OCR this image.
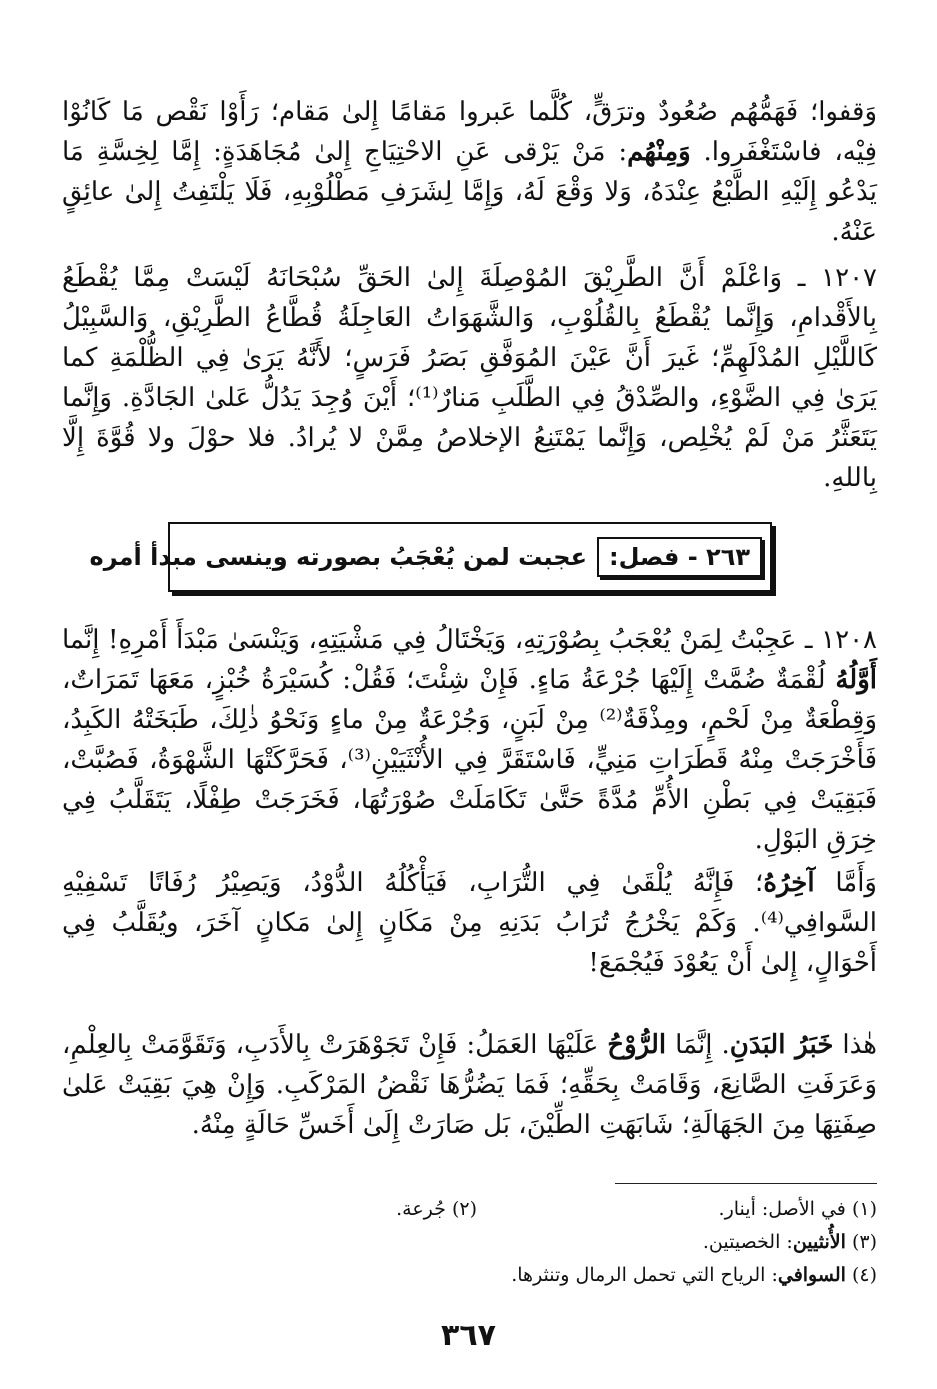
وَقفوا؛ فَهَمُّهُم صُعُودٌ وترَقٍّ، كُلَّما عَبروا مَقامًا إِلىٰ مَقام؛ رَأَوْا نَقْص مَا كَانُوْا فِيْه، فاسْتَغْفَروا. وَمِنْهُم: مَنْ يَرْقى عَنِ الاحْتِيَاجِ إِلىٰ مُجَاهَدَةٍ: إِمَّا لِخِسَّةِ مَا يَدْعُو إِلَيْهِ الطَّبْعُ عِنْدَهُ، وَلا وَقْعَ لَهُ، وَإِمَّا لِشَرَفِ مَطْلُوْبِهِ، فَلَا يَلْتَفِتُ إِلىٰ عائِقٍ عَنْهُ.

١٢٠٧ ـ وَاعْلَمْ أَنَّ الطَّرِيْقَ المُوْصِلَةَ إِلىٰ الحَقِّ سُبْحَانَهُ لَيْسَتْ مِمَّا يُقْطَعُ بِالأَقْدامِ، وَإِنَّما يُقْطَعُ بِالقُلُوْبِ، وَالشَّهَوَاتُ العَاجِلَةُ قُطَّاعُ الطَّرِيْقِ، وَالسَّبِيْلُ كَاللَّيْلِ المُدْلَهِمِّ؛ غَيرَ أَنَّ عَيْنَ المُوَفَّقِ بَصَرُ فَرَسٍ؛ لأَنَّهُ يَرَىٰ فِي الظُّلْمَةِ كما يَرَىٰ فِي الضَّوْءِ، والصِّدْقُ فِي الطَّلَبِ مَنارٌ⁽¹⁾؛ أَيْنَ وُجِدَ يَدُلُّ عَلىٰ الجَادَّةِ. وَإِنَّما يَتَعَثَّرُ مَنْ لَمْ يُخْلِص، وَإِنَّما يَمْتَنِعُ الإخلاصُ مِمَّنْ لا يُرادُ. فلا حوْلَ ولا قُوَّةَ إِلَّا بِاللهِ.

٢٦٣ - فصل:
عجبت لمن يُعْجَبُ بصورته وينسى مبدأ أمره

١٢٠٨ ـ عَجِبْتُ لِمَنْ يُعْجَبُ بِصُوْرَتِهِ، وَيَخْتَالُ فِي مَشْيَتِهِ، وَيَنْسَىٰ مَبْدَأَ أَمْرِهِ! إِنَّما أَوَّلُهُ لُقْمَةٌ ضُمَّتْ إِلَيْهَا جُرْعَةُ مَاءٍ. فَإِنْ شِئْتَ؛ فَقُلْ: كُسَيْرَةُ خُبْزٍ، مَعَهَا تَمَرَاتٌ، وَقِطْعَةٌ مِنْ لَحْمٍ، ومِذْقَةٌ⁽²⁾ مِنْ لَبَنٍ، وَجُرْعَةٌ مِنْ ماءٍ وَنَحْوُ ذٰلِكَ، طَبَخَتْهُ الكَبِدُ، فَأَخْرَجَتْ مِنْهُ قَطَرَاتِ مَنِيٍّ، فَاسْتَقَرَّ فِي الأُنْثَيَيْنِ⁽³⁾، فَحَرَّكَتْهَا الشَّهْوَةُ، فَصُبَّتْ، فَبَقِيَتْ فِي بَطْنِ الأُمِّ مُدَّةً حَتَّىٰ تَكَامَلَتْ صُوْرَتُهَا، فَخَرَجَتْ طِفْلًا، يَتَقَلَّبُ فِي خِرَقِ البَوْلِ.

وَأَمَّا آخِرُهُ؛ فَإِنَّهُ يُلْقَىٰ فِي التُّرَابِ، فَيَأْكُلُهُ الدُّوْدُ، وَيَصِيْرُ رُفَاتًا تَسْفِيْهِ السَّوافِي⁽⁴⁾. وَكَمْ يَخْرُجُ تُرَابُ بَدَنِهِ مِنْ مَكَانٍ إِلىٰ مَكانٍ آخَرَ، ويُقَلَّبُ فِي أَحْوَالٍ، إِلىٰ أَنْ يَعُوْدَ فَيُجْمَعَ!

هٰذا خَبَرُ البَدَنِ. إِنَّمَا الرُّوْحُ عَلَيْهَا العَمَلُ: فَإِنْ تَجَوْهَرَتْ بِالأَدَبِ، وَتَقَوَّمَتْ بِالعِلْمِ، وَعَرَفَتِ الصَّانِعَ، وَقَامَتْ بِحَقِّهِ؛ فَمَا يَضُرُّهَا نَقْضُ المَرْكَبِ. وَإِنْ هِيَ بَقِيَتْ عَلىٰ صِفَتِهَا مِنَ الجَهَالَةِ؛ شَابَهَتِ الطِّيْنَ، بَل صَارَتْ إِلَىٰ أَخَسِّ حَالَةٍ مِنْهُ.

(١) في الأصل: أينار.
(٢) جُرعة.
(٣) الأُنثيين: الخصيتين.
(٤) السوافي: الرياح التي تحمل الرمال وتنثرها.
٣٦٧
